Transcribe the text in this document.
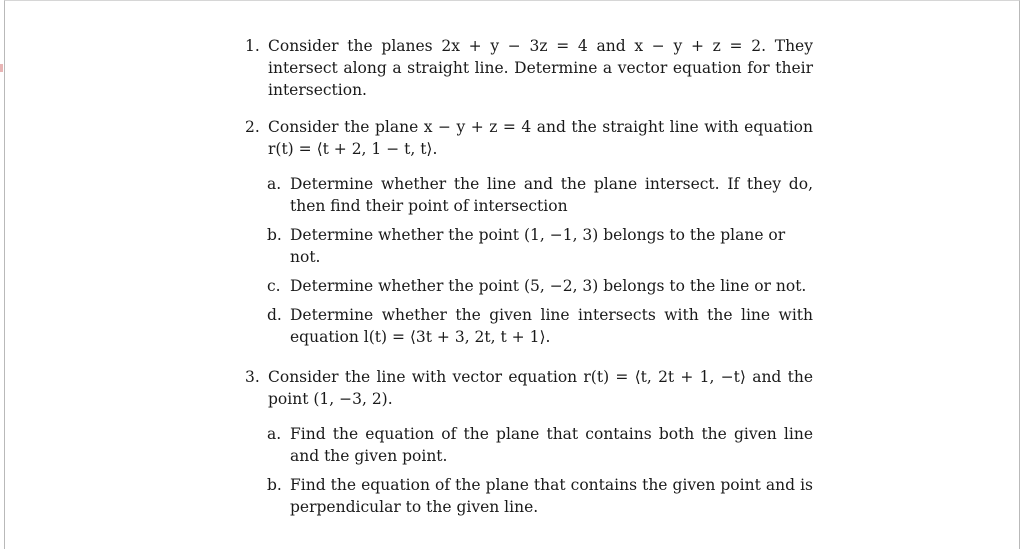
1. Consider the planes 2x + y − 3z = 4 and x − y + z = 2. They intersect along a straight line. Determine a vector equation for their intersection.
2. Consider the plane x − y + z = 4 and the straight line with equation r(t) = ⟨t + 2, 1 − t, t⟩.
a. Determine whether the line and the plane intersect. If they do, then find their point of intersection
b. Determine whether the point (1, −1, 3) belongs to the plane or not.
c. Determine whether the point (5, −2, 3) belongs to the line or not.
d. Determine whether the given line intersects with the line with equation l(t) = ⟨3t + 3, 2t, t + 1⟩.
3. Consider the line with vector equation r(t) = ⟨t, 2t + 1, −t⟩ and the point (1, −3, 2).
a. Find the equation of the plane that contains both the given line and the given point.
b. Find the equation of the plane that contains the given point and is perpendicular to the given line.
